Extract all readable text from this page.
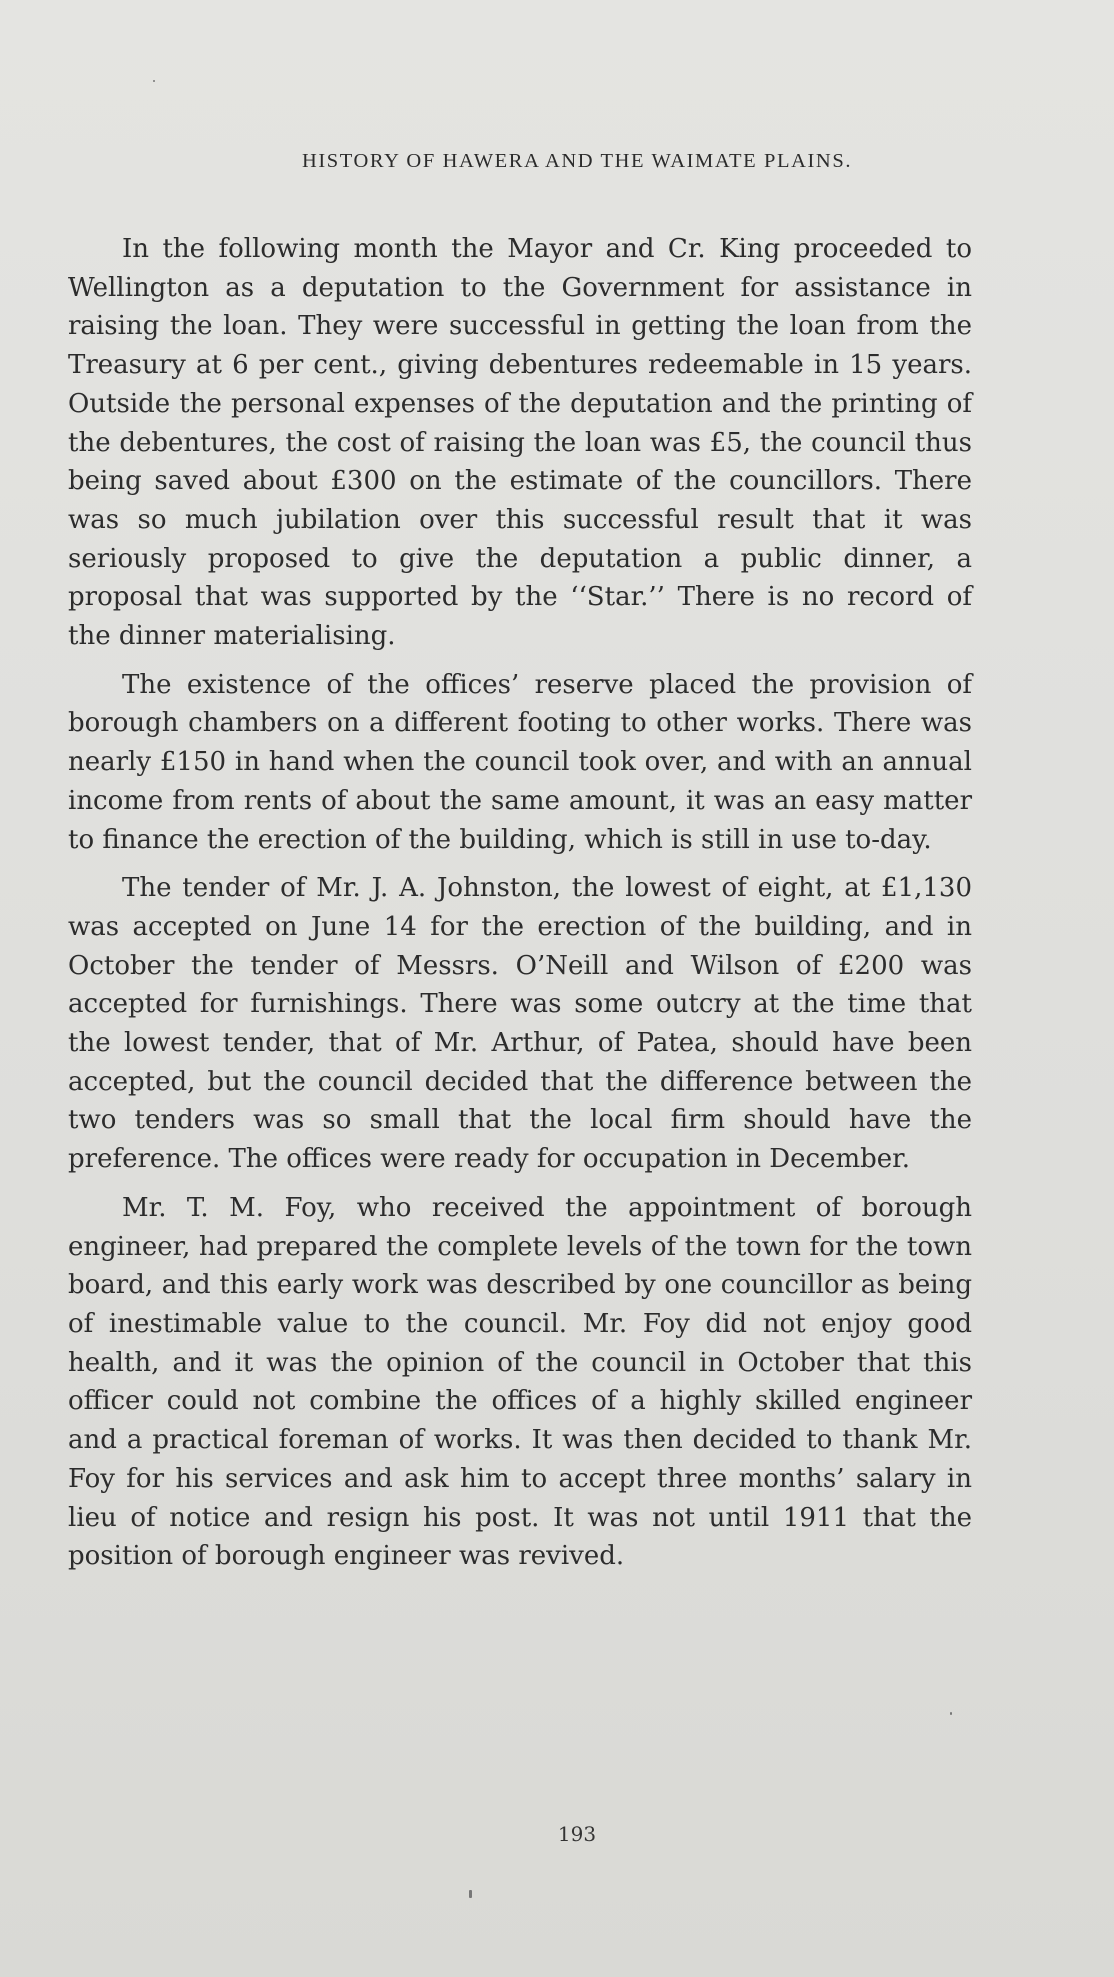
HISTORY OF HAWERA AND THE WAIMATE PLAINS.

In the following month the Mayor and Cr. King proceeded to Wellington as a deputation to the Government for assistance in raising the loan. They were successful in getting the loan from the Treasury at 6 per cent., giving debentures redeemable in 15 years. Outside the personal expenses of the deputation and the printing of the debentures, the cost of raising the loan was £5, the council thus being saved about £300 on the estimate of the councillors. There was so much jubilation over this successful result that it was seriously proposed to give the deputation a public dinner, a proposal that was supported by the ‘‘Star.’’ There is no record of the dinner materialising.

The existence of the offices’ reserve placed the provision of borough chambers on a different footing to other works. There was nearly £150 in hand when the council took over, and with an annual income from rents of about the same amount, it was an easy matter to finance the erection of the building, which is still in use to-day.

The tender of Mr. J. A. Johnston, the lowest of eight, at £1,130 was accepted on June 14 for the erection of the building, and in October the tender of Messrs. O’Neill and Wilson of £200 was accepted for furnishings. There was some outcry at the time that the lowest tender, that of Mr. Arthur, of Patea, should have been accepted, but the council decided that the difference between the two tenders was so small that the local firm should have the preference. The offices were ready for occupation in December.

Mr. T. M. Foy, who received the appointment of borough engineer, had prepared the complete levels of the town for the town board, and this early work was described by one councillor as being of inestimable value to the council. Mr. Foy did not enjoy good health, and it was the opinion of the council in October that this officer could not combine the offices of a highly skilled engineer and a practical foreman of works. It was then decided to thank Mr. Foy for his services and ask him to accept three months’ salary in lieu of notice and resign his post. It was not until 1911 that the position of borough engineer was revived.

193
